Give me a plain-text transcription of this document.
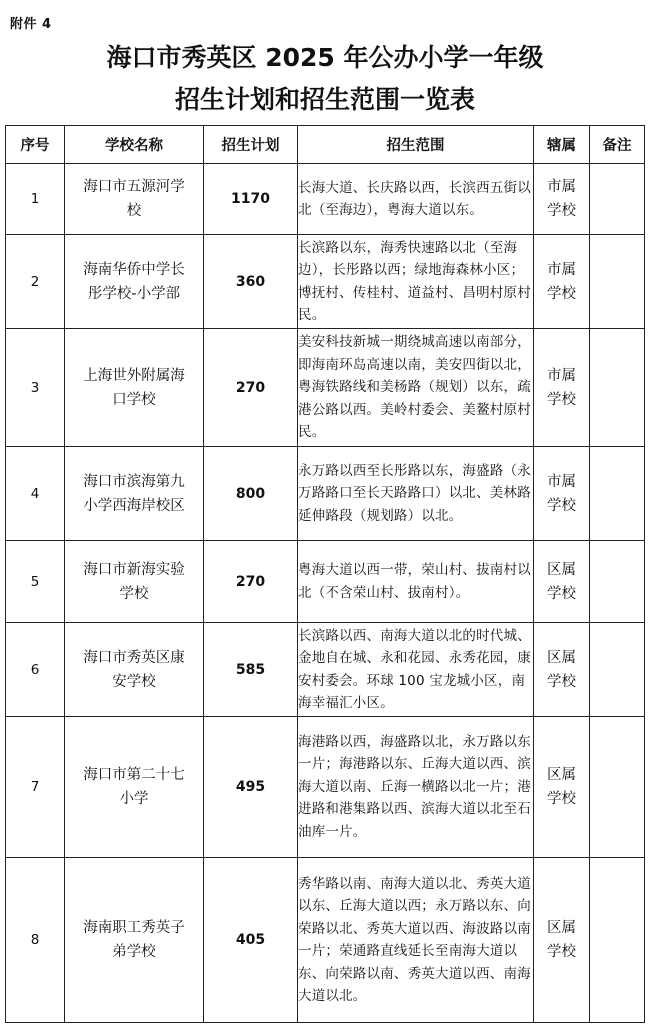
附件 4
海口市秀英区 2025 年公办小学一年级
招生计划和招生范围一览表
序号	学校名称	招生计划	招生范围	辖属	备注
1	海口市五源河学
校	1170	长海大道、长庆路以西，长滨西五街以北（至海边），粤海大道以东。	市属
学校	

2	海南华侨中学长
彤学校-小学部	360	长滨路以东，海秀快速路以北（至海边），长彤路以西；绿地海森林小区；博抚村、传桂村、道益村、昌明村原村民。	市属
学校	

3	上海世外附属海
口学校	270	美安科技新城一期绕城高速以南部分，即海南环岛高速以南，美安四街以北，粤海铁路线和美杨路（规划）以东，疏港公路以西。美岭村委会、美鳌村原村民。	市属
学校	

4	海口市滨海第九
小学西海岸校区	800	永万路以西至长彤路以东，海盛路（永万路路口至长天路路口）以北、美林路延伸路段（规划路）以北。	市属
学校	

5	海口市新海实验
学校	270	粤海大道以西一带，荣山村、拔南村以北（不含荣山村、拔南村）。	区属
学校	

6	海口市秀英区康
安学校	585	长滨路以西、南海大道以北的时代城、金地自在城、永和花园、永秀花园，康安村委会。环球 100 宝龙城小区，南海幸福汇小区。	区属
学校	

7	海口市第二十七
小学	495	海港路以西，海盛路以北，永万路以东一片；海港路以东、丘海大道以西、滨海大道以南、丘海一横路以北一片；港进路和港集路以西、滨海大道以北至石油库一片。	区属
学校	

8	海南职工秀英子
弟学校	405	秀华路以南、南海大道以北、秀英大道以东、丘海大道以西；永万路以东、向荣路以北、秀英大道以西、海波路以南一片；荣通路直线延长至南海大道以东、向荣路以南、秀英大道以西、南海大道以北。	区属
学校	
